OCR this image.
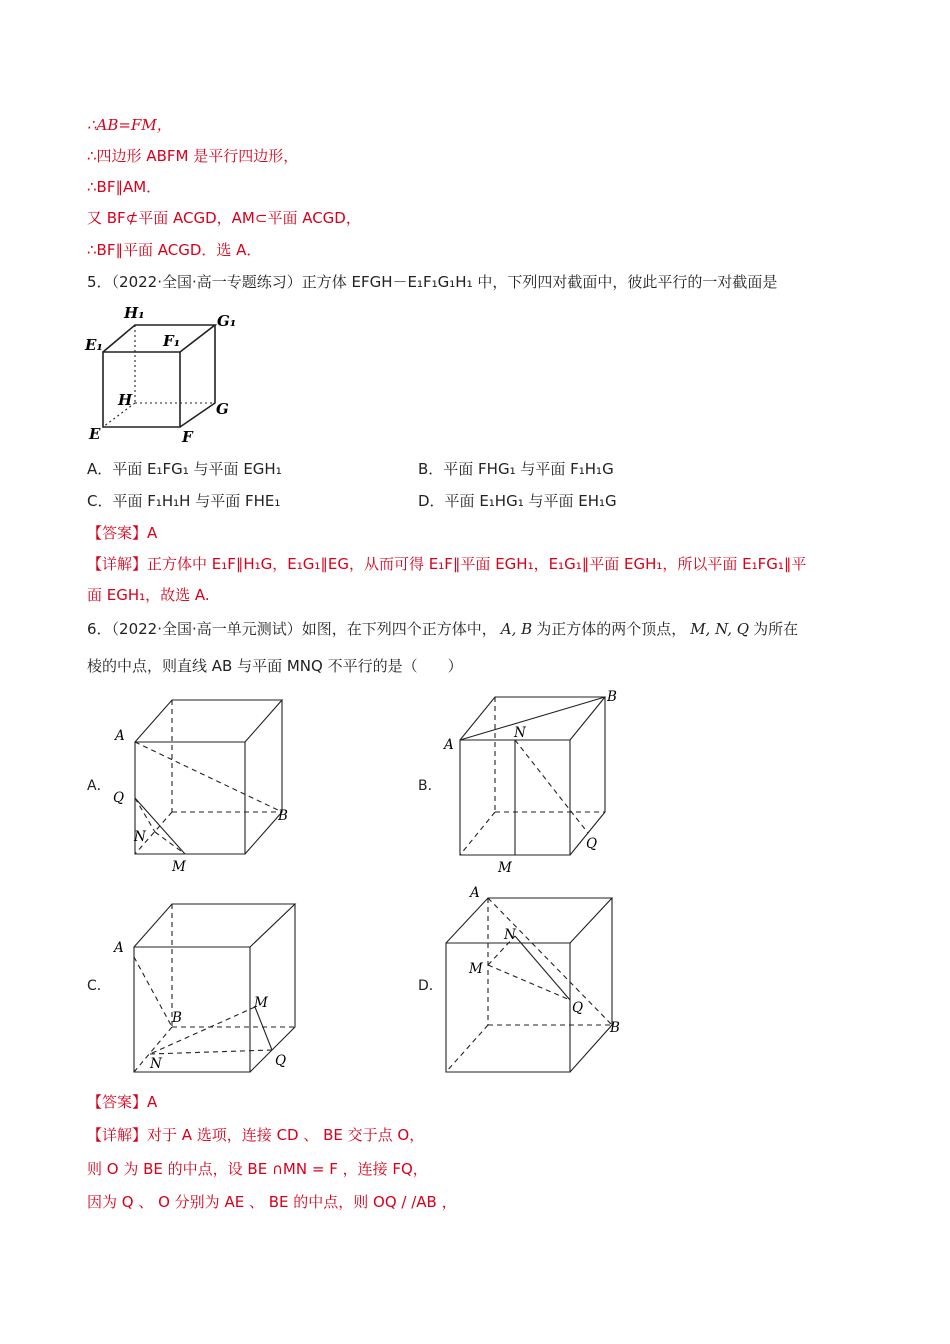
∴AB=FM，
∴四边形 ABFM 是平行四边形，
∴BF∥AM．
又 BF⊄平面 ACGD，AM⊂平面 ACGD，
∴BF∥平面 ACGD．选 A．
5．（2022·全国·高一专题练习）正方体 EFGH－E₁F₁G₁H₁ 中，下列四对截面中，彼此平行的一对截面是
H₁	G₁
E₁	F₁
H	G
E	F
A．平面 E₁FG₁ 与平面 EGH₁	B．平面 FHG₁ 与平面 F₁H₁G
C．平面 F₁H₁H 与平面 FHE₁	D．平面 E₁HG₁ 与平面 EH₁G
【答案】A
【详解】正方体中 E₁F∥H₁G，E₁G₁∥EG，从而可得 E₁F∥平面 EGH₁，E₁G₁∥平面 EGH₁，所以平面 E₁FG₁∥平
面 EGH₁，故选 A.
6．（2022·全国·高一单元测试）如图，在下列四个正方体中， A, B 为正方体的两个顶点， M, N, Q 为所在
棱的中点，则直线 AB 与平面 MNQ 不平行的是（　　）
A．	B．
C．	D．
A
Q
N
M
B
B
A
N
Q
M
A
B
M
N	Q
A
N
M
Q
B
【答案】A
【详解】对于 A 选项，连接 CD 、 BE 交于点 O，
则 O 为 BE 的中点，设 BE ∩MN = F ，连接 FQ，
因为 Q 、 O 分别为 AE 、 BE 的中点，则 OQ / /AB ，
